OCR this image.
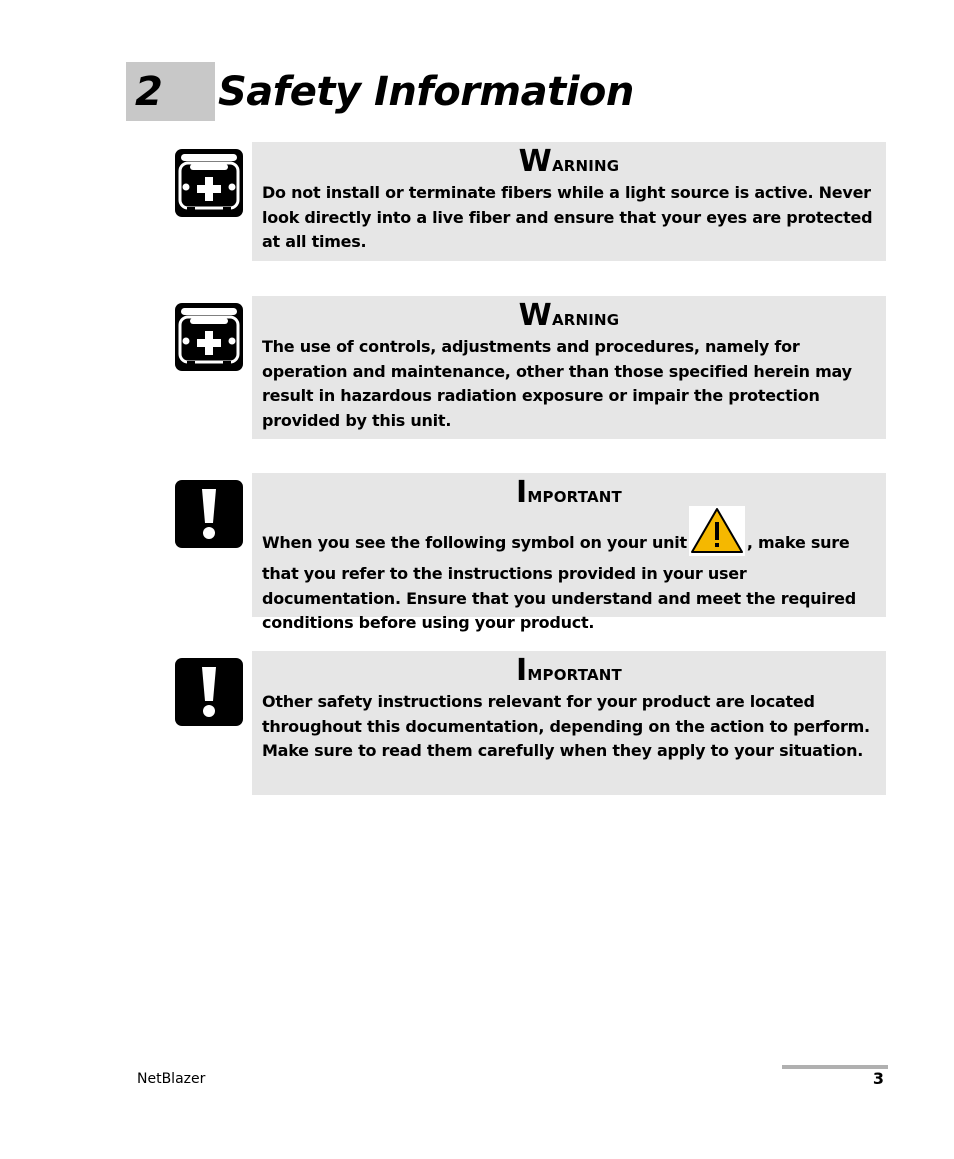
2	Safety Information
Warning
Do not install or terminate fibers while a light source is active. Never look directly into a live fiber and ensure that your eyes are protected at all times.
Warning
The use of controls, adjustments and procedures, namely for operation and maintenance, other than those specified herein may result in hazardous radiation exposure or impair the protection provided by this unit.
Important
When you see the following symbol on your unit	, make sure that you refer to the instructions provided in your user documentation. Ensure that you understand and meet the required conditions before using your product.
Important
Other safety instructions relevant for your product are located throughout this documentation, depending on the action to perform. Make sure to read them carefully when they apply to your situation.
NetBlazer	3
